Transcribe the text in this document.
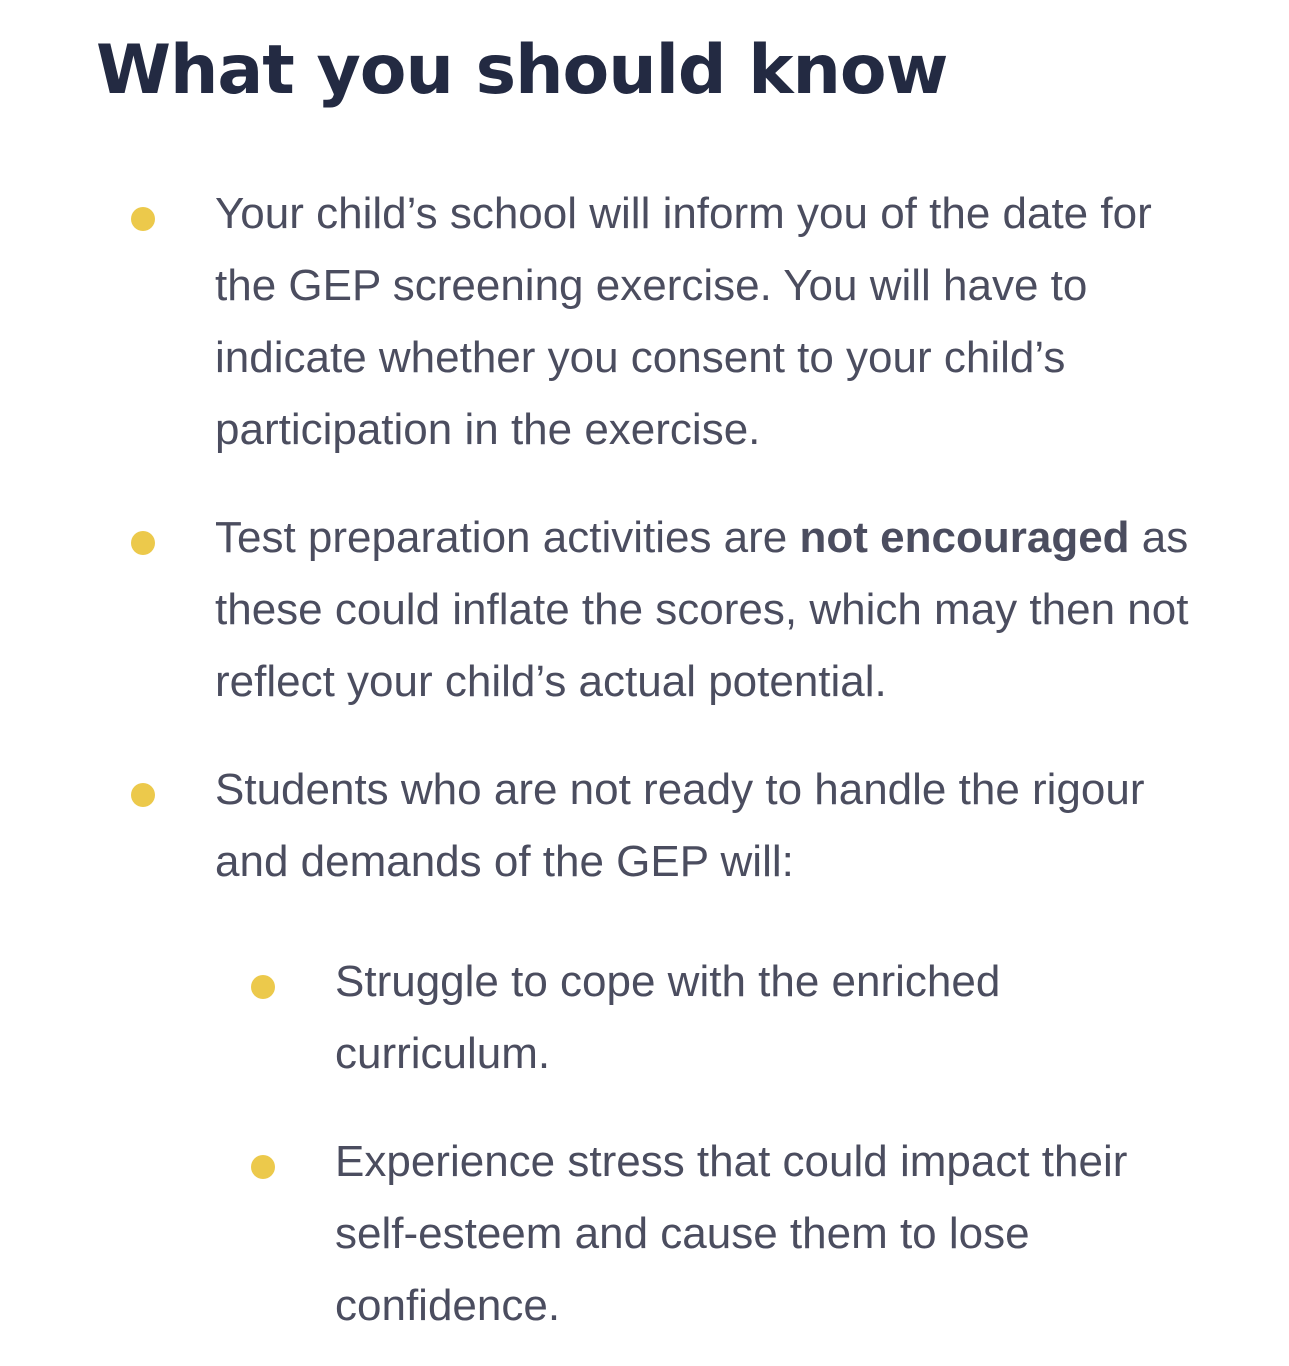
What you should know

Your child’s school will inform you of the date for the GEP screening exercise. You will have to indicate whether you consent to your child’s participation in the exercise.

Test preparation activities are not encouraged as these could inflate the scores, which may then not reflect your child’s actual potential.

Students who are not ready to handle the rigour and demands of the GEP will:

Struggle to cope with the enriched curriculum.

Experience stress that could impact their self-esteem and cause them to lose confidence.
